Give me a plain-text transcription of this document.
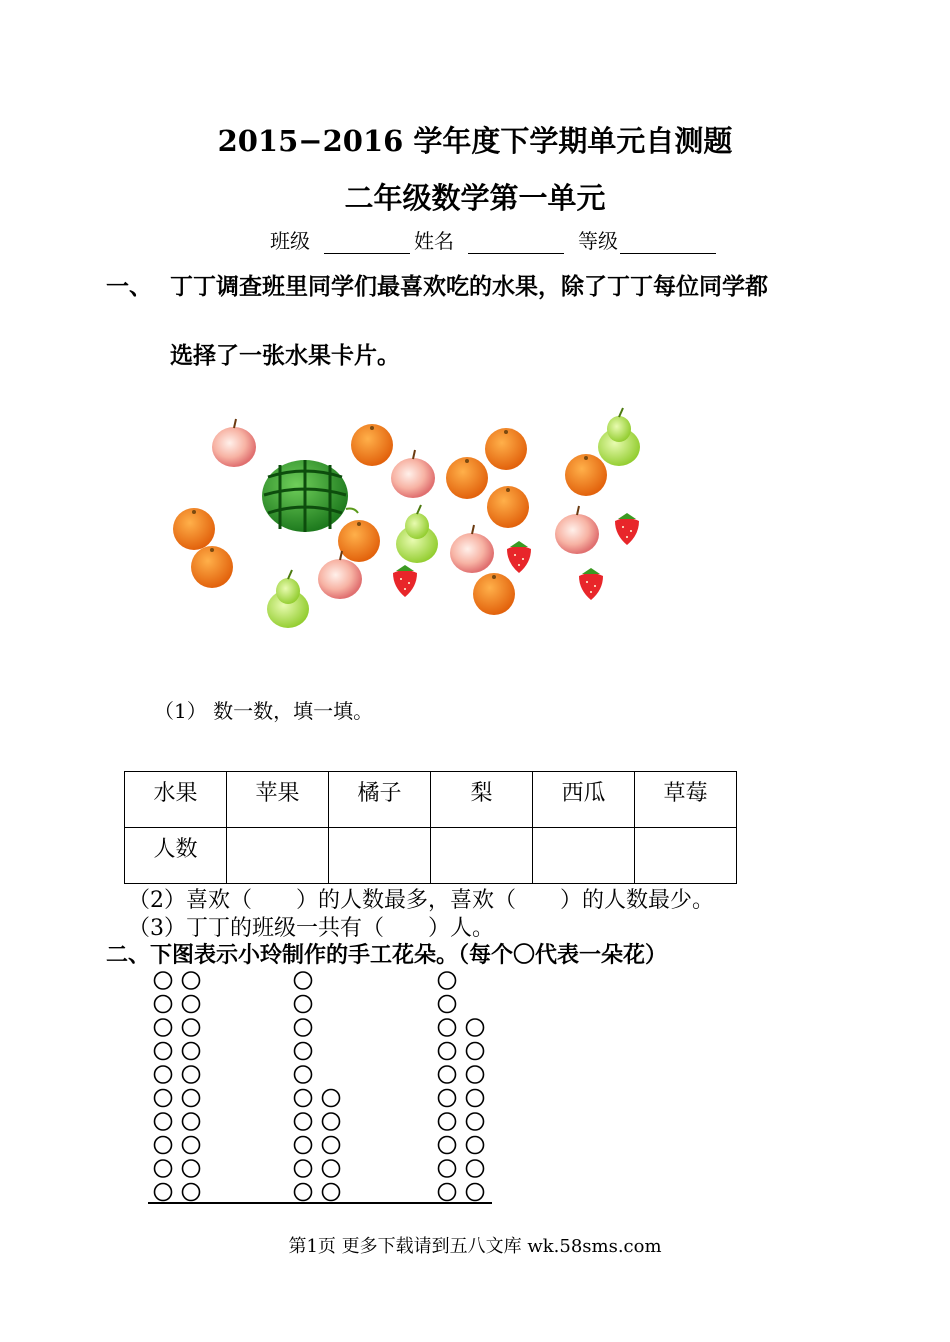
2015−2016 学年度下学期单元自测题
二年级数学第一单元
班级	姓名	等级
一、 丁丁调查班里同学们最喜欢吃的水果，除了丁丁每位同学都
选择了一张水果卡片。
（1） 数一数，填一填。
水果	苹果	橘子	梨	西瓜	草莓

人数					

（2）喜欢（　　）的人数最多，喜欢（　　）的人数最少。
（3）丁丁的班级一共有（　　）人。
二、下图表示小玲制作的手工花朵。（每个〇代表一朵花）
第1页 更多下载请到五八文库 wk.58sms.com
